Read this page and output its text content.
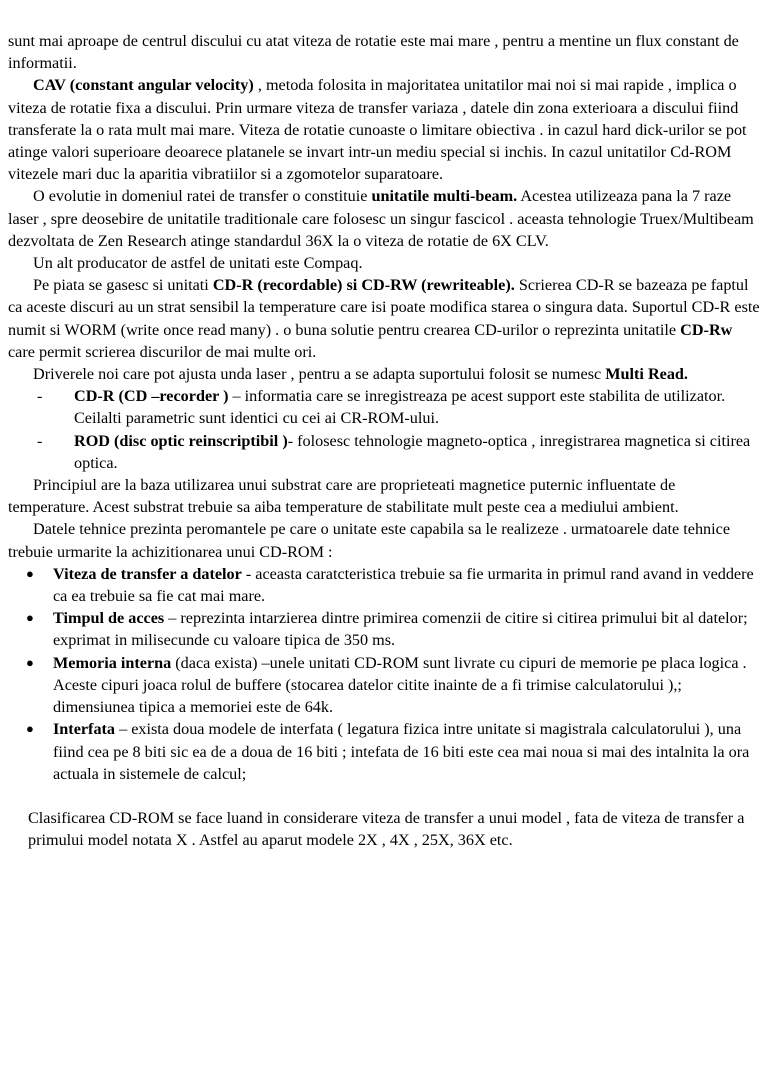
sunt mai aproape de centrul discului cu atat viteza de rotatie este mai mare , pentru a mentine un flux constant de informatii.

CAV (constant angular velocity) , metoda folosita in majoritatea unitatilor mai noi si mai rapide , implica o viteza de rotatie fixa a discului. Prin urmare viteza de transfer variaza , datele din zona exterioara a discului fiind transferate la o rata mult mai mare. Viteza de rotatie cunoaste o limitare obiectiva . in cazul hard dick-urilor se pot atinge valori superioare deoarece platanele se invart intr-un mediu special si inchis. In cazul unitatilor Cd-ROM vitezele mari duc la aparitia vibratiilor si a zgomotelor suparatoare.

O evolutie in domeniul ratei de transfer o constituie unitatile multi-beam. Acestea utilizeaza pana la 7 raze laser , spre deosebire de unitatile traditionale care folosesc un singur fascicol . aceasta tehnologie Truex/Multibeam dezvoltata de Zen Research atinge standardul 36X la o viteza de rotatie de 6X CLV.

Un alt producator de astfel de unitati este Compaq.

Pe piata se gasesc si unitati CD-R (recordable) si CD-RW (rewriteable). Scrierea CD-R se bazeaza pe faptul ca aceste discuri au un strat sensibil la temperature care isi poate modifica starea o singura data. Suportul CD-R este numit si WORM (write once read many) . o buna solutie pentru crearea CD-urilor o reprezinta unitatile CD-Rw care permit scrierea discurilor de mai multe ori.

Driverele noi care pot ajusta unda laser , pentru a se adapta suportului folosit se numesc Multi Read.

- CD-R (CD –recorder ) – informatia care se inregistreaza pe acest support este stabilita de utilizator. Ceilalti parametric sunt identici cu cei ai CR-ROM-ului.
- ROD (disc optic reinscriptibil )- folosesc tehnologie magneto-optica , inregistrarea magnetica si citirea optica.

Principiul are la baza utilizarea unui substrat care are proprieteati magnetice puternic influentate de temperature. Acest substrat trebuie sa aiba temperature de stabilitate mult peste cea a mediului ambient.

Datele tehnice prezinta peromantele pe care o unitate este capabila sa le realizeze . urmatoarele date tehnice trebuie urmarite la achizitionarea unui CD-ROM :

● Viteza de transfer a datelor - aceasta caratcteristica trebuie sa fie urmarita in primul rand avand in veddere ca ea trebuie sa fie cat mai mare.
● Timpul de acces – reprezinta intarzierea dintre primirea comenzii de citire si citirea primului bit al datelor; exprimat in milisecunde cu valoare tipica de 350 ms.
● Memoria interna (daca exista) –unele unitati CD-ROM sunt livrate cu cipuri de memorie pe placa logica .
Aceste cipuri joaca rolul de buffere (stocarea datelor citite inainte de a fi trimise calculatorului ),; dimensiunea tipica a memoriei este de 64k.
● Interfata – exista doua modele de interfata ( legatura fizica intre unitate si magistrala calculatorului ), una fiind cea pe 8 biti sic ea de a doua de 16 biti ; intefata de 16 biti este cea mai noua si mai des intalnita la ora actuala in sistemele de calcul;

Clasificarea CD-ROM se face luand in considerare viteza de transfer a unui model , fata de viteza de transfer a primului model notata X . Astfel au aparut modele 2X , 4X , 25X, 36X etc.
